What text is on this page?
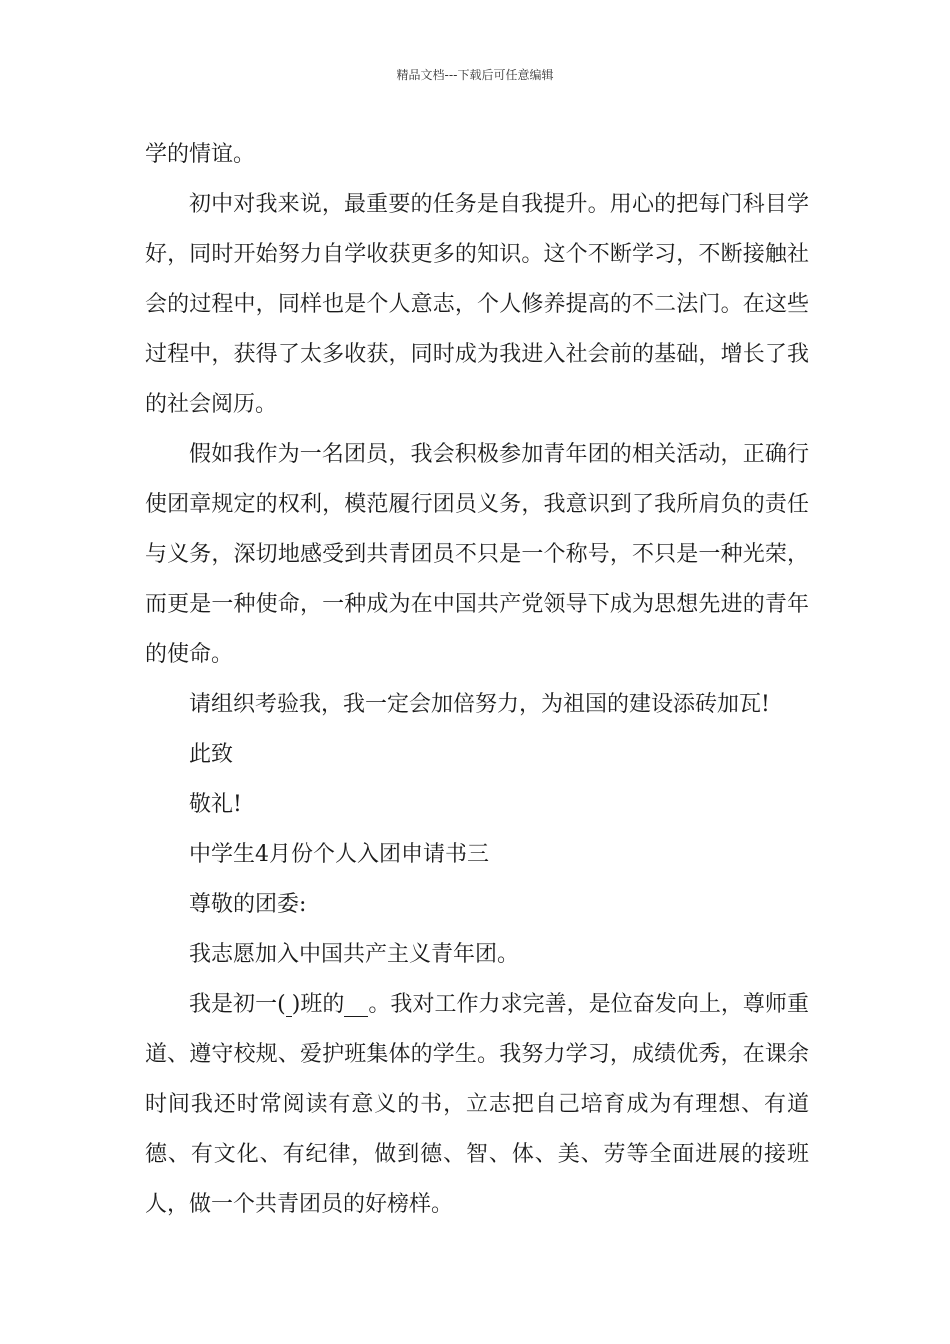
精品文档---下载后可任意编辑

学的情谊。

初中对我来说，最重要的任务是自我提升。用心的把每门科目学好，同时开始努力自学收获更多的知识。这个不断学习，不断接触社会的过程中，同样也是个人意志，个人修养提高的不二法门。在这些过程中，获得了太多收获，同时成为我进入社会前的基础，增长了我的社会阅历。

假如我作为一名团员，我会积极参加青年团的相关活动，正确行使团章规定的权利，模范履行团员义务，我意识到了我所肩负的责任与义务，深切地感受到共青团员不只是一个称号，不只是一种光荣，而更是一种使命，一种成为在中国共产党领导下成为思想先进的青年的使命。

请组织考验我，我一定会加倍努力，为祖国的建设添砖加瓦!

此致

敬礼!

中学生4月份个人入团申请书三

尊敬的团委:

我志愿加入中国共产主义青年团。

我是初一( )班的 。我对工作力求完善，是位奋发向上，尊师重道、遵守校规、爱护班集体的学生。我努力学习，成绩优秀，在课余时间我还时常阅读有意义的书，立志把自己培育成为有理想、有道德、有文化、有纪律，做到德、智、体、美、劳等全面进展的接班人，做一个共青团员的好榜样。
